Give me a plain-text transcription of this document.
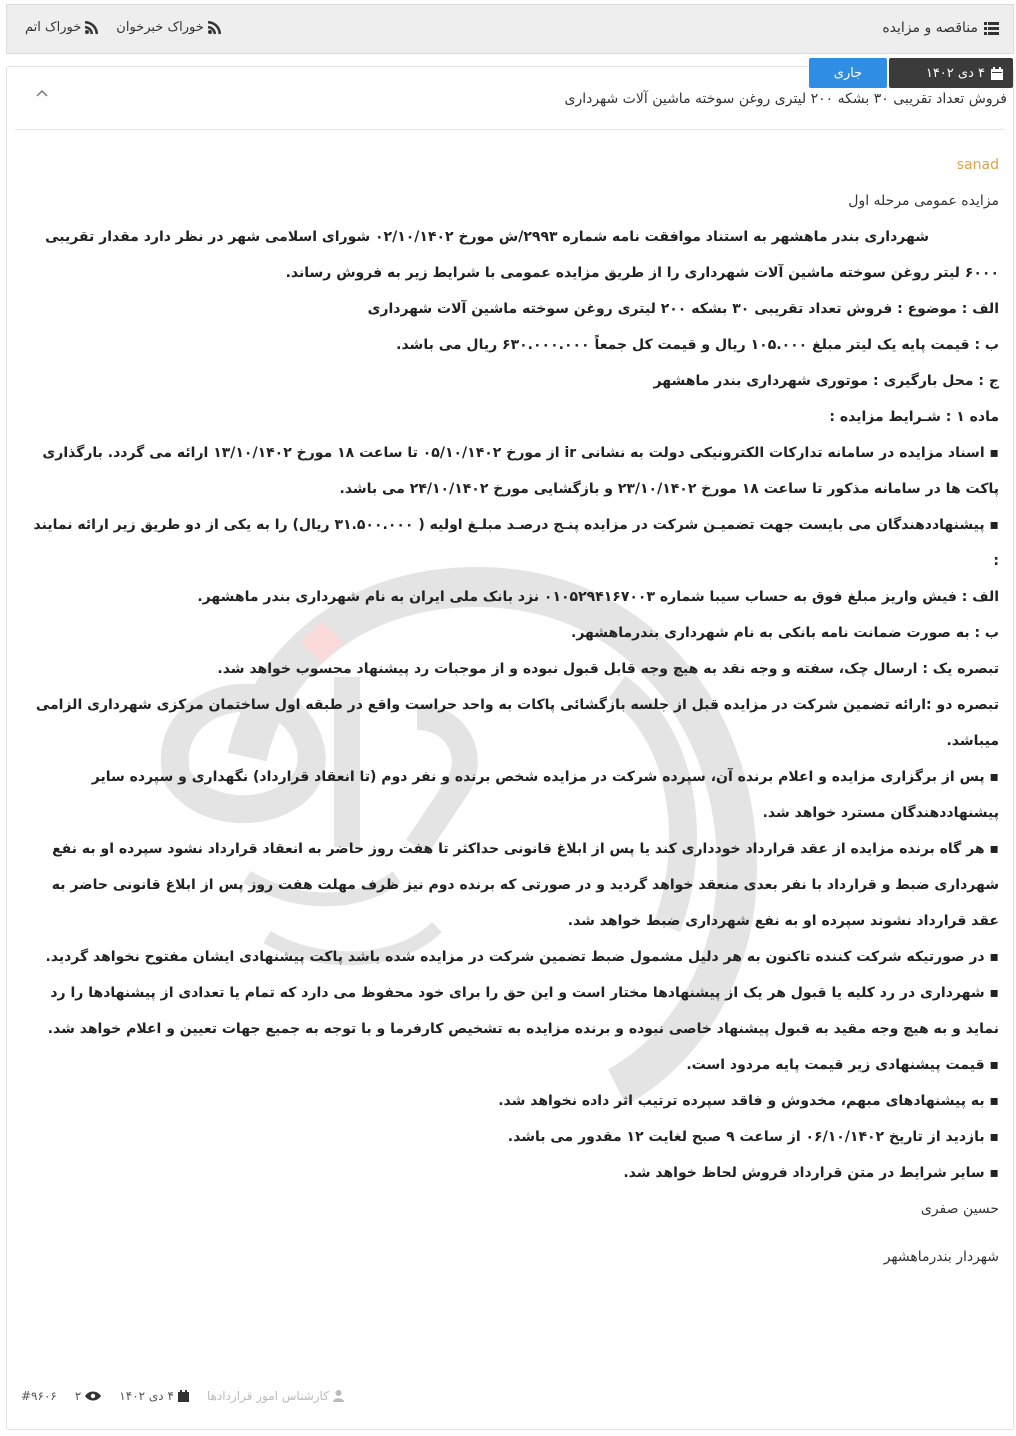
مناقصه و مزایده
خوراک خبرخوان
خوراک اتم
۴ دی ۱۴۰۲
جاری
فروش تعداد تقریبی ۳۰ بشکه ۲۰۰ لیتری روغن سوخته ماشین آلات شهرداری

sanad

مزایده عمومی مرحله اول

شهرداری بندر ماهشهر به استناد موافقت نامه شماره ۲۹۹۳/ش مورخ ۰۲/۱۰/۱۴۰۲ شورای اسلامی شهر در نظر دارد مقدار تقریبی ۶۰۰۰ لیتر روغن سوخته ماشین آلات شهرداری را از طریق مزایده عمومی با شرایط زیر به فروش رساند.

الف : موضوع : فروش تعداد تقریبی ۳۰ بشکه ۲۰۰ لیتری روغن سوخته ماشین آلات شهرداری

ب : قیمت پایه یک لیتر مبلغ ۱۰۵.۰۰۰ ریال و قیمت کل جمعاً ۶۳۰.۰۰۰.۰۰۰ ریال می باشد.

ج : محل بارگیری : موتوری شهرداری بندر ماهشهر

ماده ۱ : شـرایط مزایده :

▪ اسناد مزایده در سامانه تدارکات الکترونیکی دولت به نشانی ir از مورخ ۰۵/۱۰/۱۴۰۲ تا ساعت ۱۸ مورخ ۱۳/۱۰/۱۴۰۲ ارائه می گردد. بارگذاری پاکت ها در سامانه مذکور تا ساعت ۱۸ مورخ ۲۳/۱۰/۱۴۰۲ و بازگشایی مورخ ۲۴/۱۰/۱۴۰۲ می باشد.

▪ پیشنهاددهندگان می بایست جهت تضمیـن شرکت در مزایده پنـج درصـد مبلـغ اولیه ( ۳۱.۵۰۰.۰۰۰ ریال) را به یکی از دو طریق زیر ارائه نمایند :

الف : فیش واریز مبلغ فوق به حساب سیبا شماره ۰۱۰۵۲۹۴۱۶۷۰۰۳ نزد بانک ملی ایران به نام شهرداری بندر ماهشهر.

ب : به صورت ضمانت نامه بانکی به نام شهرداری بندرماهشهر.

تبصره یک : ارسال چک، سفته و وجه نقد به هیچ وجه قابل قبول نبوده و از موجبات رد پیشنهاد محسوب خواهد شد.

تبصره دو :ارائه تضمین شرکت در مزایده قبل از جلسه بازگشائی پاکات به واحد حراست واقع در طبقه اول ساختمان مرکزی شهرداری الزامی میباشد.

▪ پس از برگزاری مزایده و اعلام برنده آن، سپرده شرکت در مزایده شخص برنده و نفر دوم (تا انعقاد قرارداد) نگهداری و سپرده سایر پیشنهاددهندگان مسترد خواهد شد.

▪ هر گاه برنده مزایده از عقد قرارداد خودداری کند یا پس از ابلاغ قانونی حداکثر تا هفت روز حاضر به انعقاد قرارداد نشود سپرده او به نفع شهرداری ضبط و قرارداد با نفر بعدی منعقد خواهد گردید و در صورتی که برنده دوم نیز ظرف مهلت هفت روز پس از ابلاغ قانونی حاضر به عقد قرارداد نشوند سپرده او به نفع شهرداری ضبط خواهد شد.

▪ در صورتیکه شرکت کننده تاکنون به هر دلیل مشمول ضبط تضمین شرکت در مزایده شده باشد پاکت پیشنهادی ایشان مفتوح نخواهد گردید.

▪ شهرداری در رد کلیه یا قبول هر یک از پیشنهادها مختار است و این حق را برای خود محفوظ می دارد که تمام یا تعدادی از پیشنهادها را رد نماید و به هیچ وجه مقید به قبول پیشنهاد خاصی نبوده و برنده مزایده به تشخیص کارفرما و با توجه به جمیع جهات تعیین و اعلام خواهد شد.

▪ قیمت پیشنهادی زیر قیمت پایه مردود است.

▪ به پیشنهادهای مبهم، مخدوش و فاقد سپرده ترتیب اثر داده نخواهد شد.

▪ بازدید از تاریخ ۰۶/۱۰/۱۴۰۲ از ساعت ۹ صبح لغایت ۱۲ مقدور می باشد.

▪ سایر شرایط در متن قرارداد فروش لحاظ خواهد شد.

حسین صفری

شهردار بندرماهشهر

کارشناس امور قراردادها
۴ دی ۱۴۰۲
۲
#۹۶۰۶
